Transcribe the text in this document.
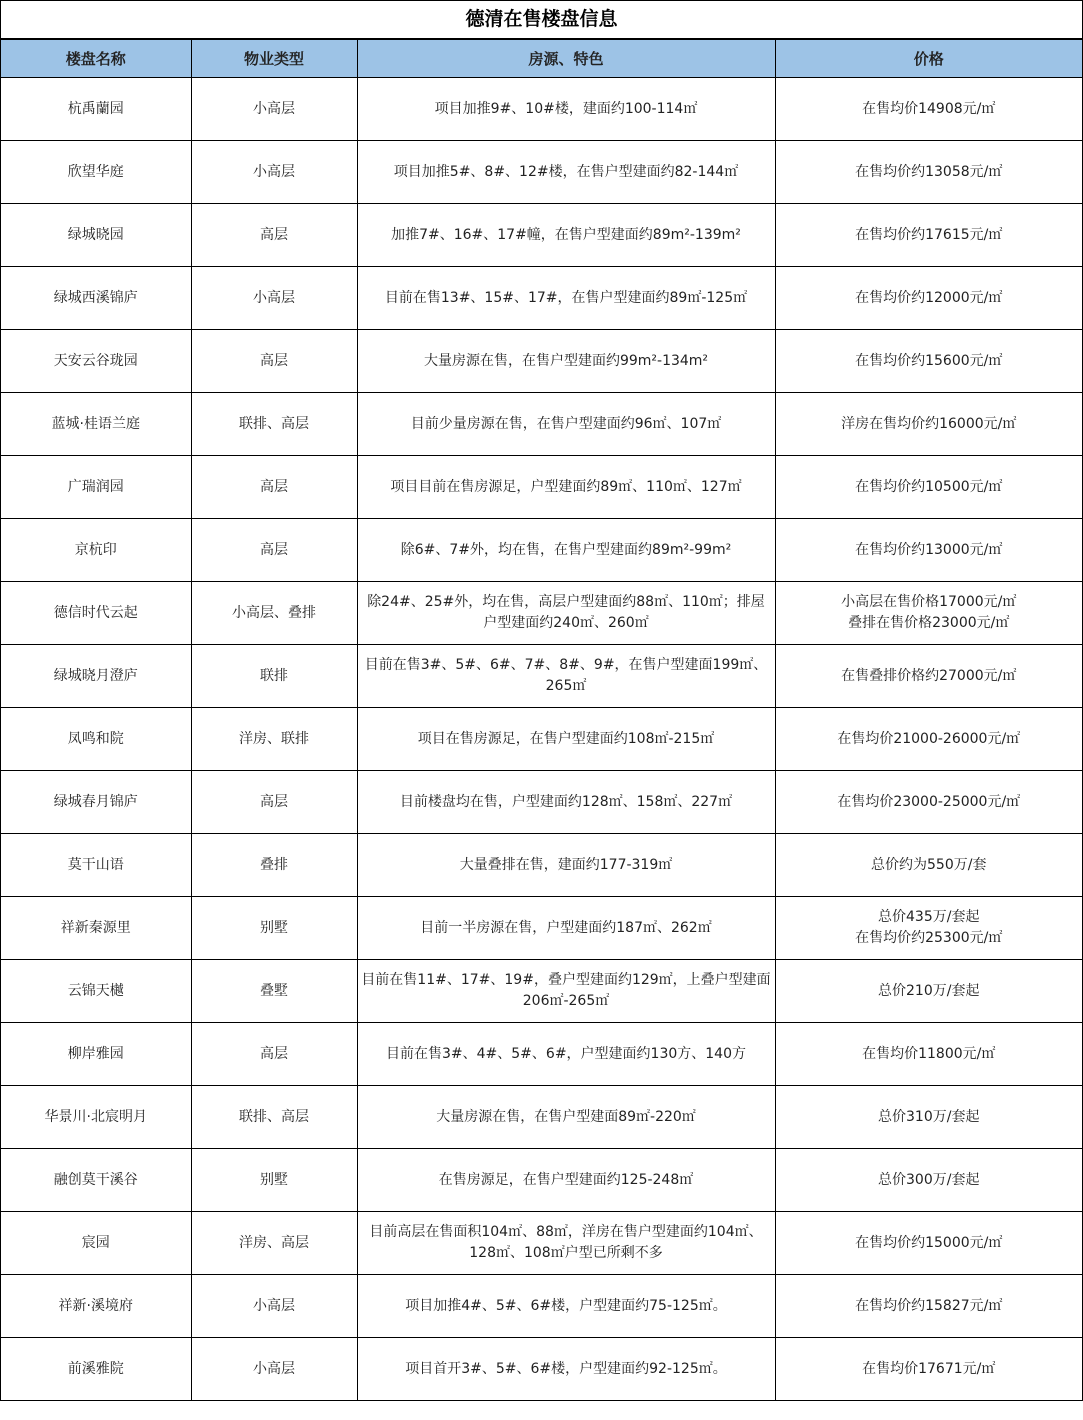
德清在售楼盘信息
楼盘名称	物业类型	房源、特色	价格
杭禹蘭园	小高层	项目加推9#、10#楼，建面约100-114㎡	在售均价14908元/㎡

欣望华庭	小高层	项目加推5#、8#、12#楼，在售户型建面约82-144㎡	在售均价约13058元/㎡

绿城晓园	高层	加推7#、16#、17#幢，在售户型建面约89m²-139m²	在售均价约17615元/㎡

绿城西溪锦庐	小高层	目前在售13#、15#、17#，在售户型建面约89㎡-125㎡	在售均价约12000元/㎡

天安云谷珑园	高层	大量房源在售，在售户型建面约99m²-134m²	在售均价约15600元/㎡

蓝城·桂语兰庭	联排、高层	目前少量房源在售，在售户型建面约96㎡、107㎡	洋房在售均价约16000元/㎡

广瑞润园	高层	项目目前在售房源足，户型建面约89㎡、110㎡、127㎡	在售均价约10500元/㎡

京杭印	高层	除6#、7#外，均在售，在售户型建面约89m²-99m²	在售均价约13000元/㎡

德信时代云起	小高层、叠排	除24#、25#外，均在售，高层户型建面约88㎡、110㎡；排屋户型建面约240㎡、260㎡	小高层在售价格17000元/㎡
叠排在售价格23000元/㎡

绿城晓月澄庐	联排	目前在售3#、5#、6#、7#、8#、9#，在售户型建面199㎡、265㎡	在售叠排价格约27000元/㎡

凤鸣和院	洋房、联排	项目在售房源足，在售户型建面约108㎡-215㎡	在售均价21000-26000元/㎡

绿城春月锦庐	高层	目前楼盘均在售，户型建面约128㎡、158㎡、227㎡	在售均价23000-25000元/㎡

莫干山语	叠排	大量叠排在售，建面约177-319㎡	总价约为550万/套

祥新秦源里	别墅	目前一半房源在售，户型建面约187㎡、262㎡	总价435万/套起
在售均价约25300元/㎡

云锦天樾	叠墅	目前在售11#、17#、19#，叠户型建面约129㎡，上叠户型建面206㎡-265㎡	总价210万/套起

柳岸雅园	高层	目前在售3#、4#、5#、6#，户型建面约130方、140方	在售均价11800元/㎡

华景川·北宸明月	联排、高层	大量房源在售，在售户型建面89㎡-220㎡	总价310万/套起

融创莫干溪谷	别墅	在售房源足，在售户型建面约125-248㎡	总价300万/套起

宸园	洋房、高层	目前高层在售面积104㎡、88㎡，洋房在售户型建面约104㎡、128㎡、108㎡户型已所剩不多	在售均价约15000元/㎡

祥新·溪境府	小高层	项目加推4#、5#、6#楼，户型建面约75-125㎡。	在售均价约15827元/㎡

前溪雅院	小高层	项目首开3#、5#、6#楼，户型建面约92-125㎡。	在售均价17671元/㎡
